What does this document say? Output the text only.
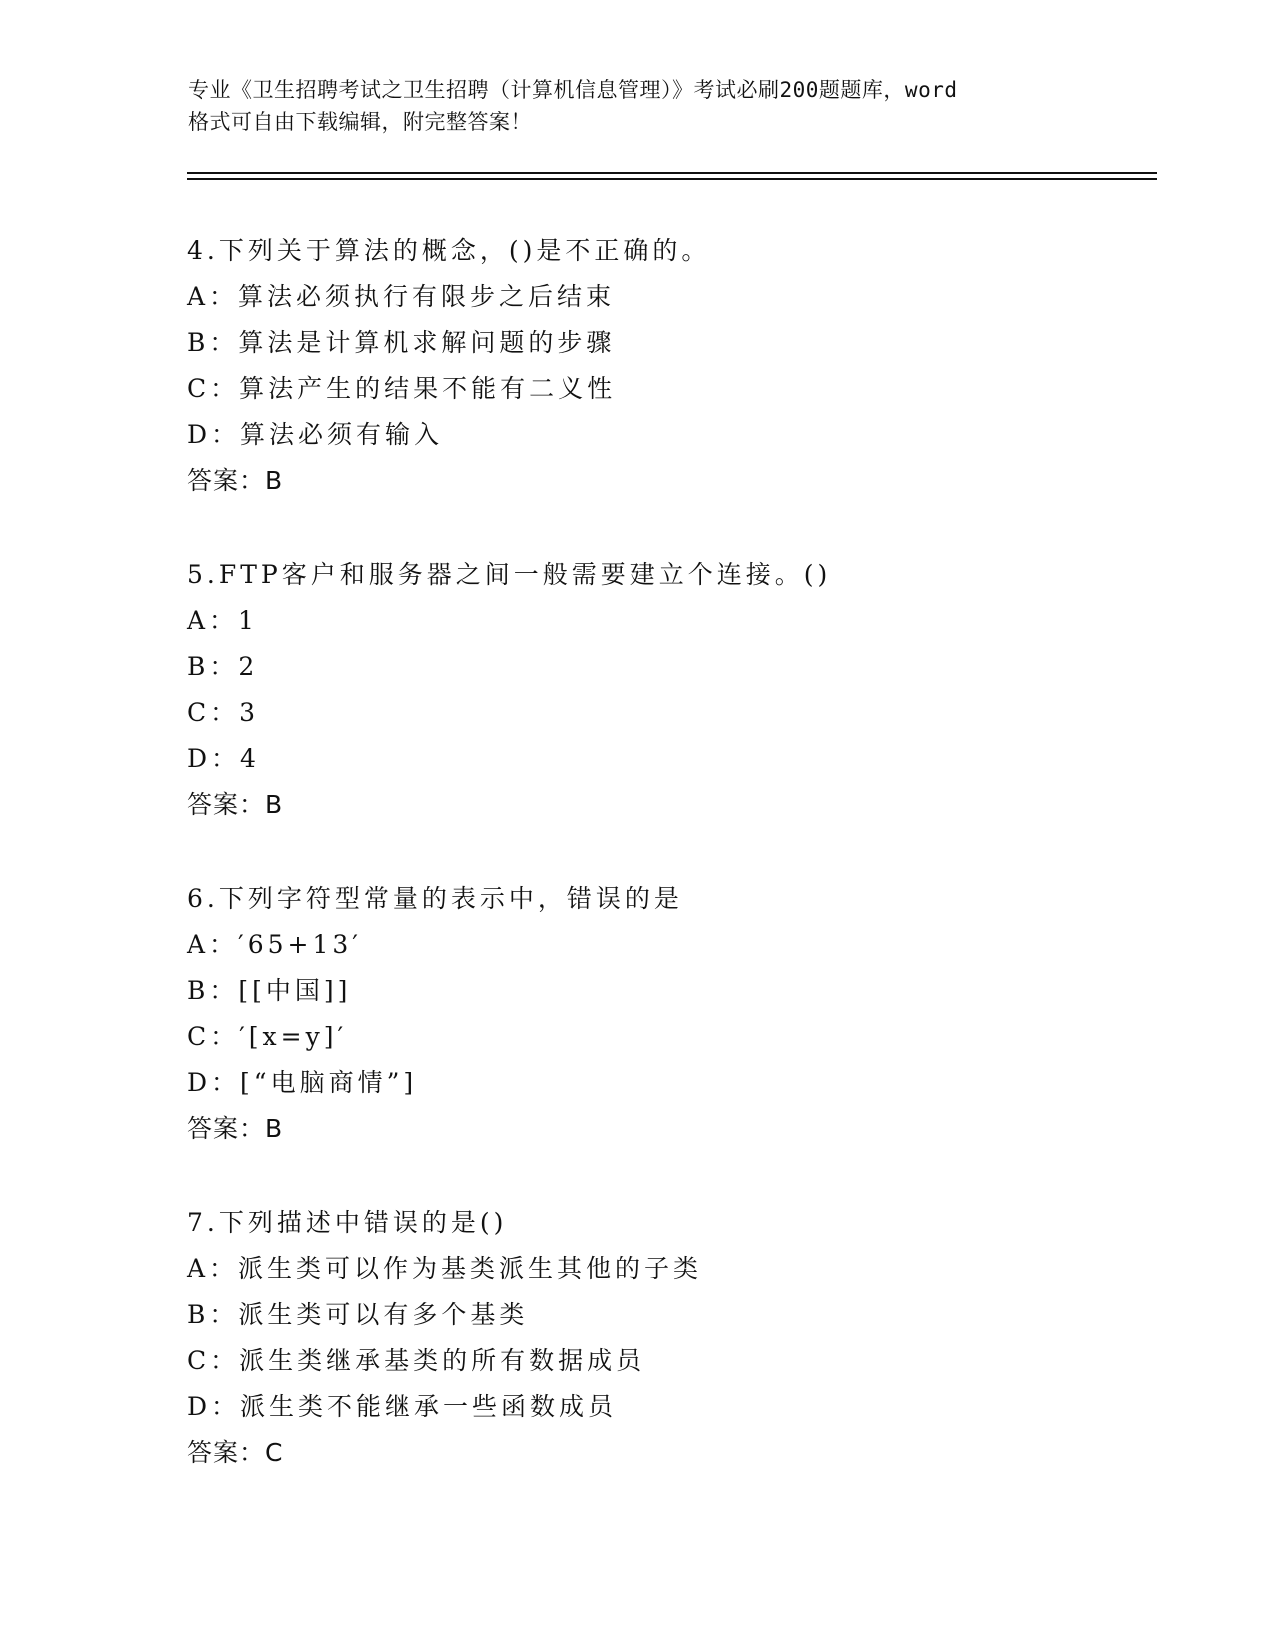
专业《卫生招聘考试之卫生招聘（计算机信息管理）》考试必刷200题题库，word
格式可自由下载编辑，附完整答案！
4.下列关于算法的概念，()是不正确的。
A：算法必须执行有限步之后结束
B：算法是计算机求解问题的步骤
C：算法产生的结果不能有二义性
D：算法必须有输入
答案：B
5.FTP客户和服务器之间一般需要建立个连接。()
A：1
B：2
C：3
D：4
答案：B
6.下列字符型常量的表示中，错误的是
A：′65+13′
B：[[中国]]
C：′[x=y]′
D：[“电脑商情”]
答案：B
7.下列描述中错误的是()
A：派生类可以作为基类派生其他的子类
B：派生类可以有多个基类
C：派生类继承基类的所有数据成员
D：派生类不能继承一些函数成员
答案：C
